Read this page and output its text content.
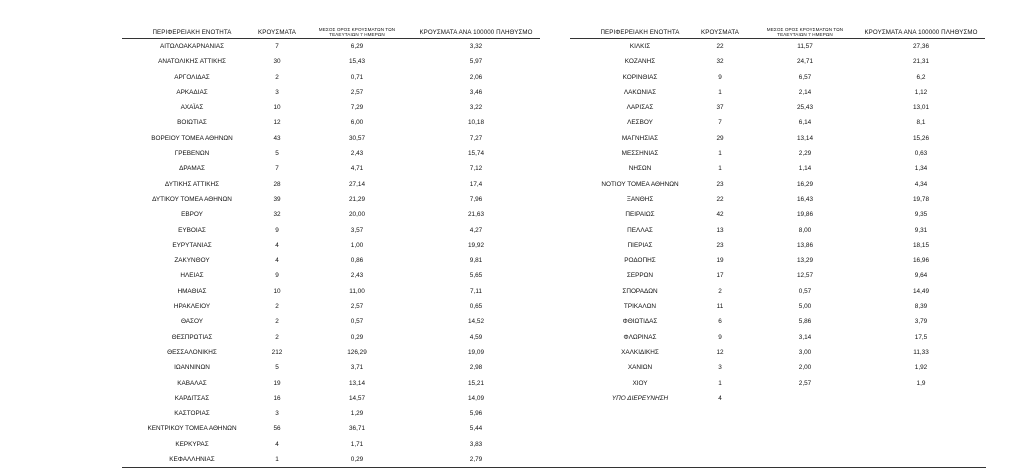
ΠΕΡΙΦΕΡΕΙΑΚΗ ΕΝΟΤΗΤΑ	ΚΡΟΥΣΜΑΤΑ	ΜΕΣΟΣ ΟΡΟΣ ΚΡΟΥΣΜΑΤΩΝ ΤΩΝ
ΤΕΛΕΥΤΑΙΩΝ 7 ΗΜΕΡΩΝ	ΚΡΟΥΣΜΑΤΑ ΑΝΑ 100000 ΠΛΗΘΥΣΜΟ
ΑΙΤΩΛΟΑΚΑΡΝΑΝΙΑΣ	7	6,29	3,32
ΑΝΑΤΟΛΙΚΗΣ ΑΤΤΙΚΗΣ	30	15,43	5,97
ΑΡΓΟΛΙΔΑΣ	2	0,71	2,06
ΑΡΚΑΔΙΑΣ	3	2,57	3,46
ΑΧΑΪΑΣ	10	7,29	3,22
ΒΟΙΩΤΙΑΣ	12	6,00	10,18
ΒΟΡΕΙΟΥ ΤΟΜΕΑ ΑΘΗΝΩΝ	43	30,57	7,27
ΓΡΕΒΕΝΩΝ	5	2,43	15,74
ΔΡΑΜΑΣ	7	4,71	7,12
ΔΥΤΙΚΗΣ ΑΤΤΙΚΗΣ	28	27,14	17,4
ΔΥΤΙΚΟΥ ΤΟΜΕΑ ΑΘΗΝΩΝ	39	21,29	7,96
ΕΒΡΟΥ	32	20,00	21,63
ΕΥΒΟΙΑΣ	9	3,57	4,27
ΕΥΡΥΤΑΝΙΑΣ	4	1,00	19,92
ΖΑΚΥΝΘΟΥ	4	0,86	9,81
ΗΛΕΙΑΣ	9	2,43	5,65
ΗΜΑΘΙΑΣ	10	11,00	7,11
ΗΡΑΚΛΕΙΟΥ	2	2,57	0,65
ΘΑΣΟΥ	2	0,57	14,52
ΘΕΣΠΡΩΤΙΑΣ	2	0,29	4,59
ΘΕΣΣΑΛΟΝΙΚΗΣ	212	126,29	19,09
ΙΩΑΝΝΙΝΩΝ	5	3,71	2,98
ΚΑΒΑΛΑΣ	19	13,14	15,21
ΚΑΡΔΙΤΣΑΣ	16	14,57	14,09
ΚΑΣΤΟΡΙΑΣ	3	1,29	5,96
ΚΕΝΤΡΙΚΟΥ ΤΟΜΕΑ ΑΘΗΝΩΝ	56	36,71	5,44
ΚΕΡΚΥΡΑΣ	4	1,71	3,83
ΚΕΦΑΛΛΗΝΙΑΣ	1	0,29	2,79
ΠΕΡΙΦΕΡΕΙΑΚΗ ΕΝΟΤΗΤΑ	ΚΡΟΥΣΜΑΤΑ	ΜΕΣΟΣ ΟΡΟΣ ΚΡΟΥΣΜΑΤΩΝ ΤΩΝ
ΤΕΛΕΥΤΑΙΩΝ 7 ΗΜΕΡΩΝ	ΚΡΟΥΣΜΑΤΑ ΑΝΑ 100000 ΠΛΗΘΥΣΜΟ
ΚΙΛΚΙΣ	22	11,57	27,36
ΚΟΖΑΝΗΣ	32	24,71	21,31
ΚΟΡΙΝΘΙΑΣ	9	6,57	6,2
ΛΑΚΩΝΙΑΣ	1	2,14	1,12
ΛΑΡΙΣΑΣ	37	25,43	13,01
ΛΕΣΒΟΥ	7	6,14	8,1
ΜΑΓΝΗΣΙΑΣ	29	13,14	15,26
ΜΕΣΣΗΝΙΑΣ	1	2,29	0,63
ΝΗΣΩΝ	1	1,14	1,34
ΝΟΤΙΟΥ ΤΟΜΕΑ ΑΘΗΝΩΝ	23	16,29	4,34
ΞΑΝΘΗΣ	22	16,43	19,78
ΠΕΙΡΑΙΩΣ	42	19,86	9,35
ΠΕΛΛΑΣ	13	8,00	9,31
ΠΙΕΡΙΑΣ	23	13,86	18,15
ΡΟΔΟΠΗΣ	19	13,29	16,96
ΣΕΡΡΩΝ	17	12,57	9,64
ΣΠΟΡΑΔΩΝ	2	0,57	14,49
ΤΡΙΚΑΛΩΝ	11	5,00	8,39
ΦΘΙΩΤΙΔΑΣ	6	5,86	3,79
ΦΛΩΡΙΝΑΣ	9	3,14	17,5
ΧΑΛΚΙΔΙΚΗΣ	12	3,00	11,33
ΧΑΝΙΩΝ	3	2,00	1,92
ΧΙΟΥ	1	2,57	1,9
ΥΠΟ ΔΙΕΡΕΥΝΗΣΗ	4
